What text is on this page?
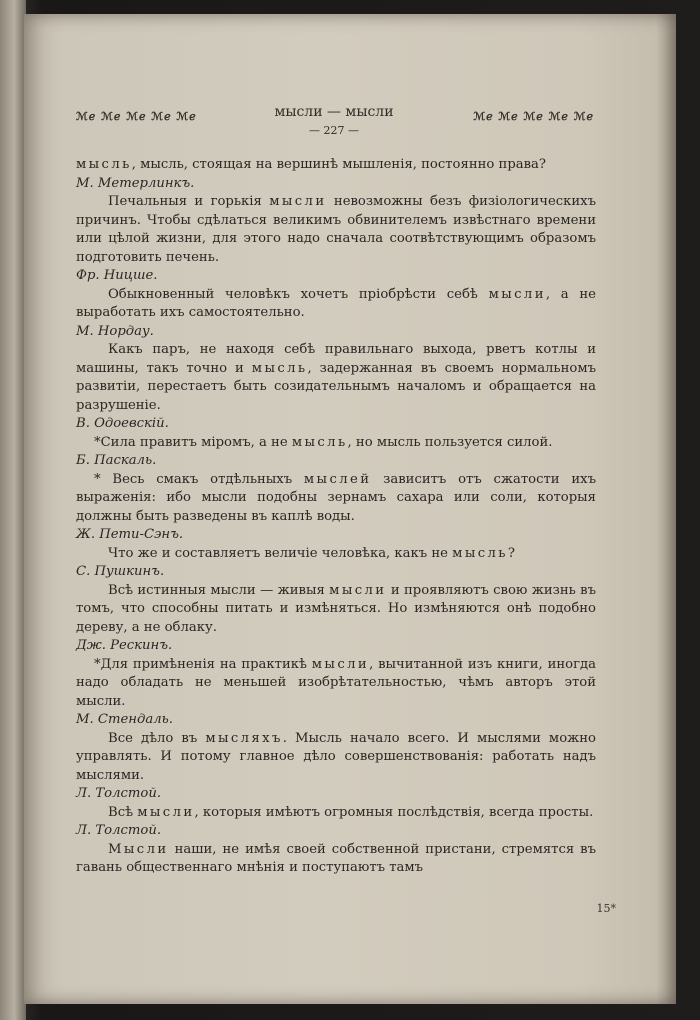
ℳℯ ℳℯ ℳℯ ℳℯ ℳℯ	мысли — мысли
— 227 —
ℳℯ ℳℯ ℳℯ ℳℯ ℳℯ

мысль, мысль, стоящая на вершинѣ мышленія, постоянно права?

М. Метерлинкъ.

Печальныя и горькія мысли невозможны безъ физіологическихъ причинъ. Чтобы сдѣлаться великимъ обвинителемъ извѣстнаго времени или цѣлой жизни, для этого надо сначала соотвѣтствующимъ образомъ подготовить печень.

Фр. Ницше.

Обыкновенный человѣкъ хочетъ пріобрѣсти себѣ мысли, а не выработать ихъ самостоятельно.

М. Нордау.

Какъ паръ, не находя себѣ правильнаго выхода, рветъ котлы и машины, такъ точно и мысль, задержанная въ своемъ нормальномъ развитіи, перестаетъ быть созидательнымъ началомъ и обращается на разрушеніе.

В. Одоевскій.

*Сила правитъ міромъ, а не мысль, но мысль пользуется силой.

Б. Паскаль.

* Весь смакъ отдѣльныхъ мыслей зависитъ отъ сжатости ихъ выраженія: ибо мысли подобны зернамъ сахара или соли, которыя должны быть разведены въ каплѣ воды.

Ж. Пети-Сэнъ.

Что же и составляетъ величіе человѣка, какъ не мысль?

С. Пушкинъ.

Всѣ истинныя мысли — живыя мысли и проявляютъ свою жизнь въ томъ, что способны питать и измѣняться. Но измѣняются онѣ подобно дереву, а не облаку.

Дж. Рескинъ.

*Для примѣненія на практикѣ мысли, вычитанной изъ книги, иногда надо обладать не меньшей изобрѣтательностью, чѣмъ авторъ этой мысли.

М. Стендаль.

Все дѣло въ мысляхъ. Мысль начало всего. И мыслями можно управлять. И потому главное дѣло совершенствованія: работать надъ мыслями.

Л. Толстой.

Всѣ мысли, которыя имѣютъ огромныя послѣдствія, всегда просты.

Л. Толстой.

Мысли наши, не имѣя своей собственной пристани, стремятся въ гавань общественнаго мнѣнія и поступаютъ тамъ

15*
